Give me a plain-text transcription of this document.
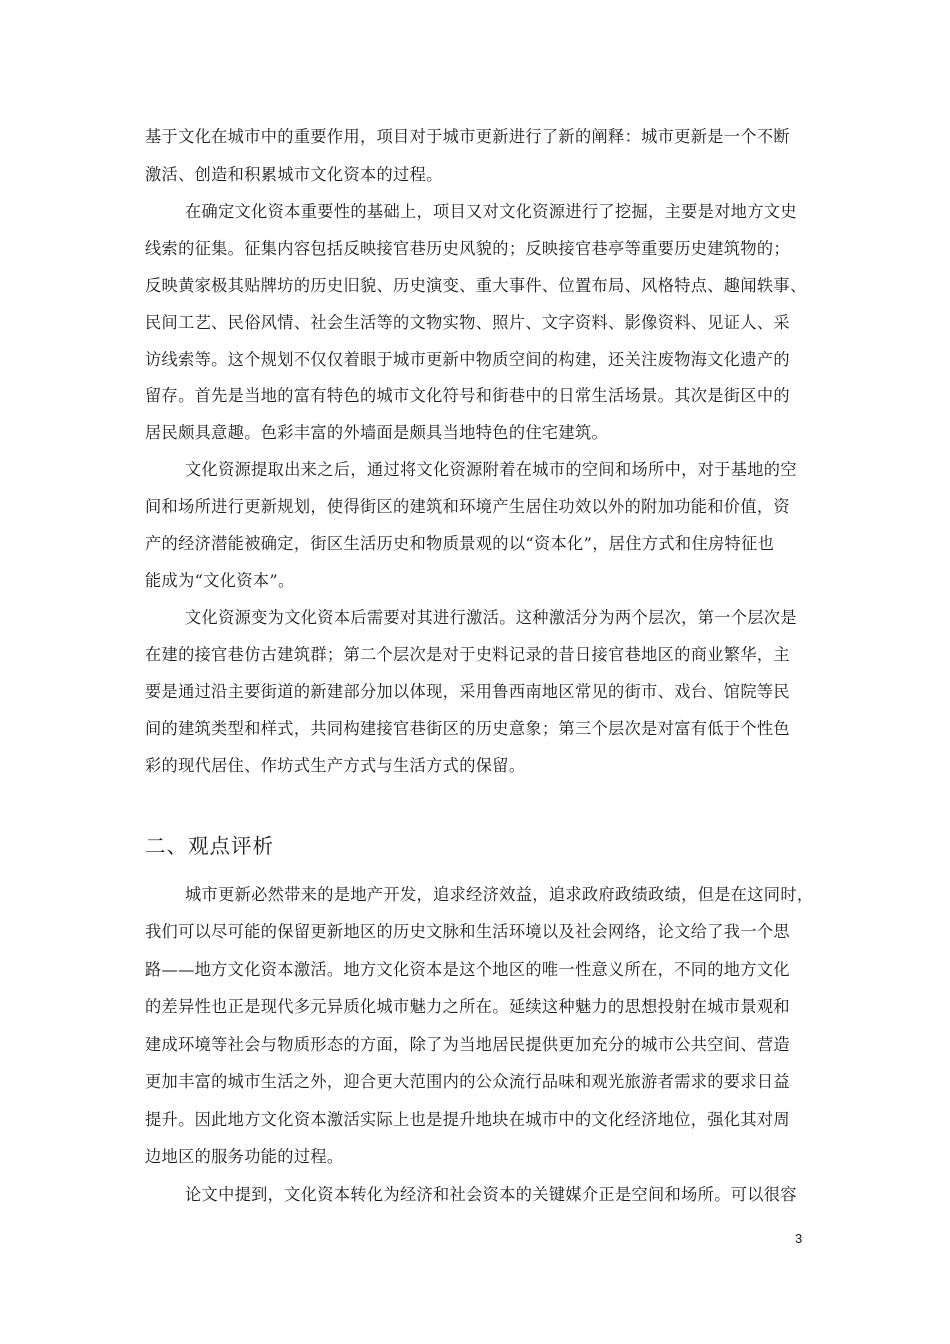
基于文化在城市中的重要作用，项目对于城市更新进行了新的阐释：城市更新是一个不断
激活、创造和积累城市文化资本的过程。
在确定文化资本重要性的基础上，项目又对文化资源进行了挖掘，主要是对地方文史
线索的征集。征集内容包括反映接官巷历史风貌的；反映接官巷亭等重要历史建筑物的；
反映黄家极其贴牌坊的历史旧貌、历史演变、重大事件、位置布局、风格特点、趣闻轶事、
民间工艺、民俗风情、社会生活等的文物实物、照片、文字资料、影像资料、见证人、采
访线索等。这个规划不仅仅着眼于城市更新中物质空间的构建，还关注废物海文化遗产的
留存。首先是当地的富有特色的城市文化符号和街巷中的日常生活场景。其次是街区中的
居民颇具意趣。色彩丰富的外墙面是颇具当地特色的住宅建筑。
文化资源提取出来之后，通过将文化资源附着在城市的空间和场所中，对于基地的空
间和场所进行更新规划，使得街区的建筑和环境产生居住功效以外的附加功能和价值，资
产的经济潜能被确定，街区生活历史和物质景观的以“资本化”，居住方式和住房特征也
能成为“文化资本”。
文化资源变为文化资本后需要对其进行激活。这种激活分为两个层次，第一个层次是
在建的接官巷仿古建筑群；第二个层次是对于史料记录的昔日接官巷地区的商业繁华，主
要是通过沿主要街道的新建部分加以体现，采用鲁西南地区常见的街市、戏台、馆院等民
间的建筑类型和样式，共同构建接官巷街区的历史意象；第三个层次是对富有低于个性色
彩的现代居住、作坊式生产方式与生活方式的保留。
二、观点评析
城市更新必然带来的是地产开发，追求经济效益，追求政府政绩政绩，但是在这同时，
我们可以尽可能的保留更新地区的历史文脉和生活环境以及社会网络，论文给了我一个思
路——地方文化资本激活。地方文化资本是这个地区的唯一性意义所在，不同的地方文化
的差异性也正是现代多元异质化城市魅力之所在。延续这种魅力的思想投射在城市景观和
建成环境等社会与物质形态的方面，除了为当地居民提供更加充分的城市公共空间、营造
更加丰富的城市生活之外，迎合更大范围内的公众流行品味和观光旅游者需求的要求日益
提升。因此地方文化资本激活实际上也是提升地块在城市中的文化经济地位，强化其对周
边地区的服务功能的过程。
论文中提到，文化资本转化为经济和社会资本的关键媒介正是空间和场所。可以很容
3
